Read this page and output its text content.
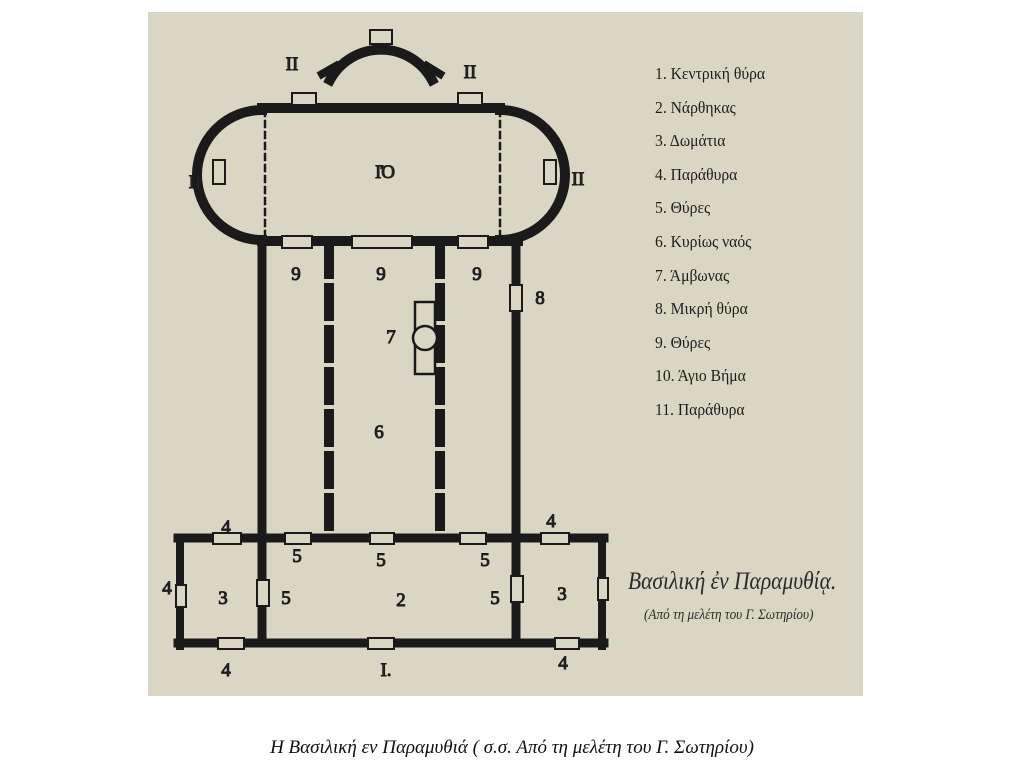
II	II
II	II
IΌ
9	9	9
8
7
6
4	4
4
4	4
3	3
2
5	5	5
5	5
I.
1. Κεντρική θύρα
2. Νάρθηκας
3. Δωμάτια
4. Παράθυρα
5. Θύρες
6. Κυρίως ναός
7. Άμβωνας
8. Μικρή θύρα
9. Θύρες
10. Άγιο Βήμα
11. Παράθυρα
Βασιλική ἐν Παραμυθίᾳ.
(Από τη μελέτη του Γ. Σωτηρίου)
Η Βασιλική εν Παραμυθιά ( σ.σ. Από τη μελέτη του Γ. Σωτηρίου)
